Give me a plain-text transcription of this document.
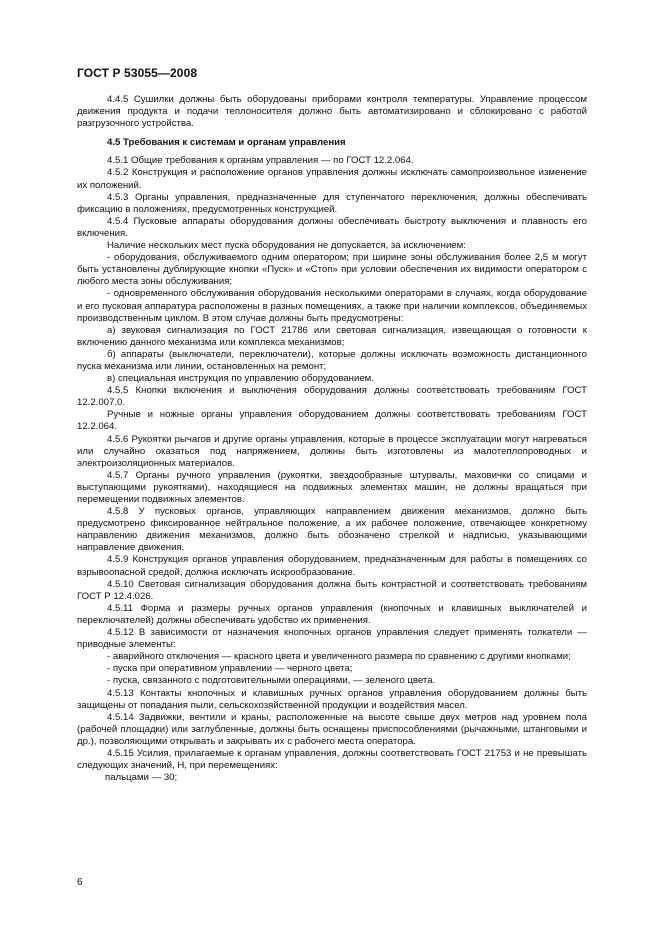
ГОСТ Р 53055—2008

4.4.5 Сушилки должны быть оборудованы приборами контроля температуры. Управление процессом движения продукта и подачи теплоносителя должно быть автоматизировано и сблокировано с работой разгрузочного устройства.

4.5 Требования к системам и органам управления

4.5.1 Общие требования к органам управления — по ГОСТ 12.2.064.

4.5.2 Конструкция и расположение органов управления должны исключать самопроизвольное изменение их положений.

4.5.3 Органы управления, предназначенные для ступенчатого переключения, должны обеспечивать фиксацию в положениях, предусмотренных конструкцией.

4.5.4 Пусковые аппараты оборудования должны обеспечивать быстроту выключения и плавность его включения.

Наличие нескольких мест пуска оборудования не допускается, за исключением:

- оборудования, обслуживаемого одним оператором; при ширине зоны обслуживания более 2,5 м могут быть установлены дублирующие кнопки «Пуск» и «Стоп» при условии обеспечения их видимости оператором с любого места зоны обслуживания;

- одновременного обслуживания оборудования несколькими операторами в случаях, когда оборудование и его пусковая аппаратура расположены в разных помещениях, а также при наличии комплексов, объединяемых производственным циклом. В этом случае должны быть предусмотрены:

а) звуковая сигнализация по ГОСТ 21786 или световая сигнализация, извещающая о готовности к включению данного механизма или комплекса механизмов;

б) аппараты (выключатели, переключатели), которые должны исключать возможность дистанционного пуска механизма или линии, остановленных на ремонт;

в) специальная инструкция по управлению оборудованием.

4.5.5 Кнопки включения и выключения оборудования должны соответствовать требованиям ГОСТ 12.2.007.0.

Ручные и ножные органы управления оборудованием должны соответствовать требованиям ГОСТ 12.2.064.

4.5.6 Рукоятки рычагов и другие органы управления, которые в процессе эксплуатации могут нагреваться или случайно оказаться под напряжением, должны быть изготовлены из малотеплопроводных и электроизоляционных материалов.

4.5.7 Органы ручного управления (рукоятки, звездообразные штурвалы, маховички со спицами и выступающими рукоятками), находящиеся на подвижных элементах машин, не должны вращаться при перемещении подвижных элементов.

4.5.8 У пусковых органов, управляющих направлением движения механизмов, должно быть предусмотрено фиксированное нейтральное положение, а их рабочее положение, отвечающее конкретному направлению движения механизмов, должно быть обозначено стрелкой и надписью, указывающими направление движения.

4.5.9 Конструкция органов управления оборудованием, предназначенным для работы в помещениях со взрывоопасной средой, должна исключать искрообразование.

4.5.10 Световая сигнализация оборудования должна быть контрастной и соответствовать требованиям ГОСТ Р 12.4.026.

4.5.11 Форма и размеры ручных органов управления (кнопочных и клавишных выключателей и переключателей) должны обеспечивать удобство их применения.

4.5.12 В зависимости от назначения кнопочных органов управления следует применять толкатели — приводные элементы:

- аварийного отключения — красного цвета и увеличенного размера по сравнению с другими кнопками;

- пуска при оперативном управлении — черного цвета;

- пуска, связанного с подготовительными операциями, — зеленого цвета.

4.5.13 Контакты кнопочных и клавишных ручных органов управления оборудованием должны быть защищены от попадания пыли, сельскохозяйственной продукции и воздействия масел.

4.5.14 Задвижки, вентили и краны, расположенные на высоте свыше двух метров над уровнем пола (рабочей площадки) или заглубленные, должны быть оснащены приспособлениями (рычажными, штанговыми и др.), позволяющими открывать и закрывать их с рабочего места оператора.

4.5.15 Усилия, прилагаемые к органам управления, должны соответствовать ГОСТ 21753 и не превышать следующих значений, Н, при перемещениях:

пальцами — 30;

6
